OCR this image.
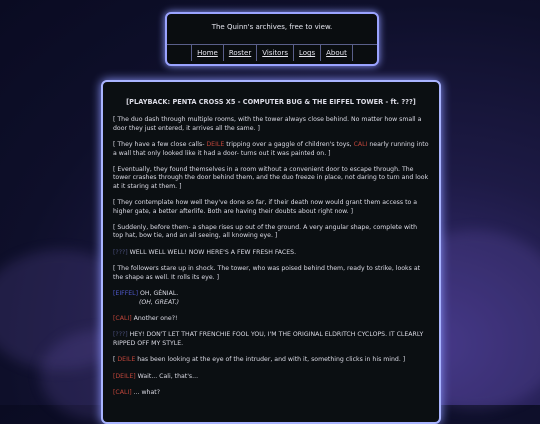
The Quinn's archives, free to view.
Home	Roster	Visitors	Logs	About
[PLAYBACK: PENTA CROSS X5 - COMPUTER BUG & THE EIFFEL TOWER - ft. ???]
[ The duo dash through multiple rooms, with the tower always close behind. No matter how small a door they just entered, it arrives all the same. ]
[ They have a few close calls- DEILE tripping over a gaggle of children's toys, CALI nearly running into a wall that only looked like it had a door- turns out it was painted on. ]
[ Eventually, they found themselves in a room without a convenient door to escape through. The tower crashes through the door behind them, and the duo freeze in place, not daring to turn and look at it staring at them. ]
[ They contemplate how well they've done so far, if their death now would grant them access to a higher gate, a better afterlife. Both are having their doubts about right now. ]
[ Suddenly, before them- a shape rises up out of the ground. A very angular shape, complete with top hat, bow tie, and an all seeing, all knowing eye. ]
[???] WELL WELL WELL! NOW HERE'S A FEW FRESH FACES.
[ The followers stare up in shock. The tower, who was poised behind them, ready to strike, looks at the shape as well. It rolls its eye. ]
[EIFFEL] OH, GÉNIAL.
(OH, GREAT.)
[CALI] Another one?!
[???] HEY! DON'T LET THAT FRENCHIE FOOL YOU, I'M THE ORIGINAL ELDRITCH CYCLOPS. IT CLEARLY RIPPED OFF MY STYLE.
[ DEILE has been looking at the eye of the intruder, and with it, something clicks in his mind. ]
[DEILE] Wait... Cali, that's...
[CALI] ... what?
